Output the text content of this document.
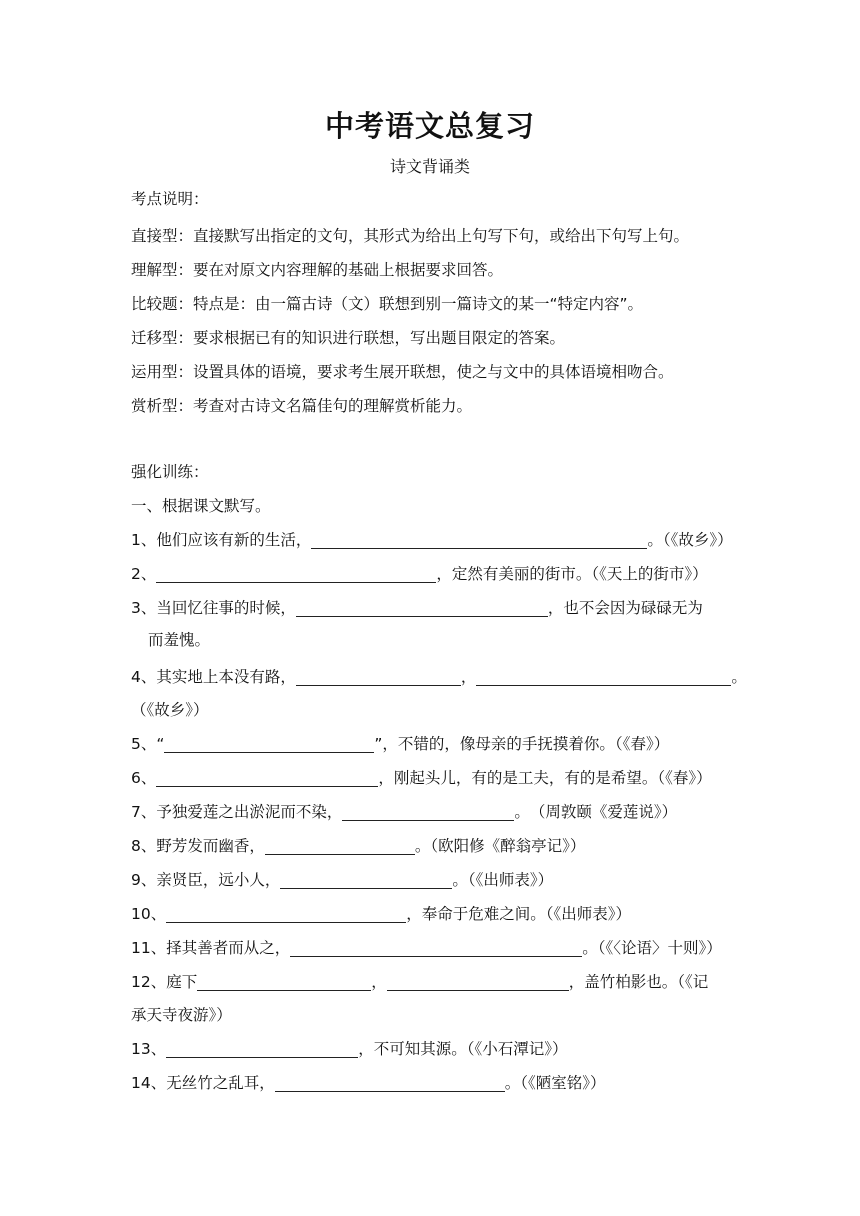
中考语文总复习
诗文背诵类
考点说明：
直接型：直接默写出指定的文句，其形式为给出上句写下句，或给出下句写上句。
理解型：要在对原文内容理解的基础上根据要求回答。
比较题：特点是：由一篇古诗（文）联想到别一篇诗文的某一“特定内容”。
迁移型：要求根据已有的知识进行联想，写出题目限定的答案。
运用型：设置具体的语境，要求考生展开联想，使之与文中的具体语境相吻合。
赏析型：考查对古诗文名篇佳句的理解赏析能力。
强化训练：
一、根据课文默写。
1、他们应该有新的生活，	。（《故乡》）
2、	，定然有美丽的街市。（《天上的街市》）
3、当回忆往事的时候，	，也不会因为碌碌无为
而羞愧。
4、其实地上本没有路，	，	。
（《故乡》）
5、“	”，不错的，像母亲的手抚摸着你。（《春》）
6、	，刚起头儿，有的是工夫，有的是希望。（《春》）
7、予独爱莲之出淤泥而不染，	。　（周敦颐《爱莲说》）
8、野芳发而幽香，	。（欧阳修《醉翁亭记》）
9、亲贤臣，远小人，	。（《出师表》）
10、	，奉命于危难之间。（《出师表》）
11、择其善者而从之，	。（《〈论语〉十则》）
12、庭下	，	，盖竹柏影也。（《记
承天寺夜游》）
13、	，不可知其源。（《小石潭记》）
14、无丝竹之乱耳，	。（《陋室铭》）
